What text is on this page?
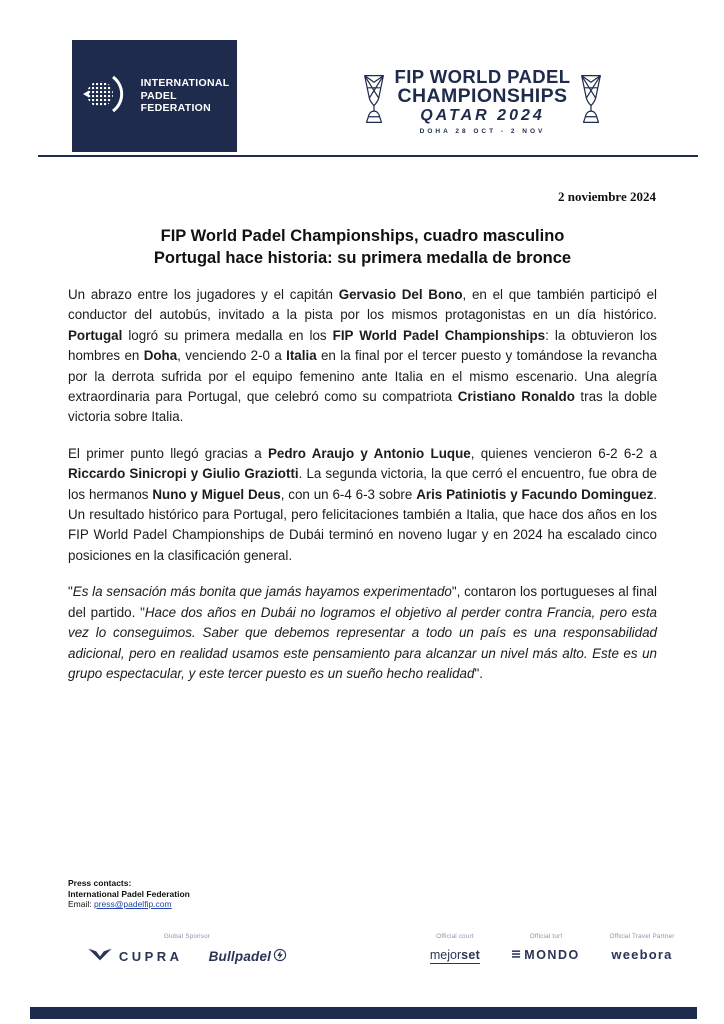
INTERNATIONAL
PADEL
FEDERATION
FIP WORLD PADEL
CHAMPIONSHIPS
QATAR 2024
DOHA 28 OCT - 2 NOV
2 noviembre 2024
FIP World Padel Championships, cuadro masculino
Portugal hace historia: su primera medalla de bronce

Un abrazo entre los jugadores y el capitán Gervasio Del Bono, en el que también participó el conductor del autobús, invitado a la pista por los mismos protagonistas en un día histórico. Portugal logró su primera medalla en los FIP World Padel Championships: la obtuvieron los hombres en Doha, venciendo 2-0 a Italia en la final por el tercer puesto y tomándose la revancha por la derrota sufrida por el equipo femenino ante Italia en el mismo escenario. Una alegría extraordinaria para Portugal, que celebró como su compatriota Cristiano Ronaldo tras la doble victoria sobre Italia.

El primer punto llegó gracias a Pedro Araujo y Antonio Luque, quienes vencieron 6-2 6-2 a Riccardo Sinicropi y Giulio Graziotti. La segunda victoria, la que cerró el encuentro, fue obra de los hermanos Nuno y Miguel Deus, con un 6-4 6-3 sobre Aris Patiniotis y Facundo Dominguez. Un resultado histórico para Portugal, pero felicitaciones también a Italia, que hace dos años en los FIP World Padel Championships de Dubái terminó en noveno lugar y en 2024 ha escalado cinco posiciones en la clasificación general.

"Es la sensación más bonita que jamás hayamos experimentado", contaron los portugueses al final del partido. "Hace dos años en Dubái no logramos el objetivo al perder contra Francia, pero esta vez lo conseguimos. Saber que debemos representar a todo un país es una responsabilidad adicional, pero en realidad usamos este pensamiento para alcanzar un nivel más alto. Este es un grupo espectacular, y este tercer puesto es un sueño hecho realidad".

Press contacts:
International Padel Federation
Email: press@padelfip.com
Global Sponsor
CUPRA Bullpadel
Official court
mejorset
Official turf
MONDO
Official Travel Partner
weebora
